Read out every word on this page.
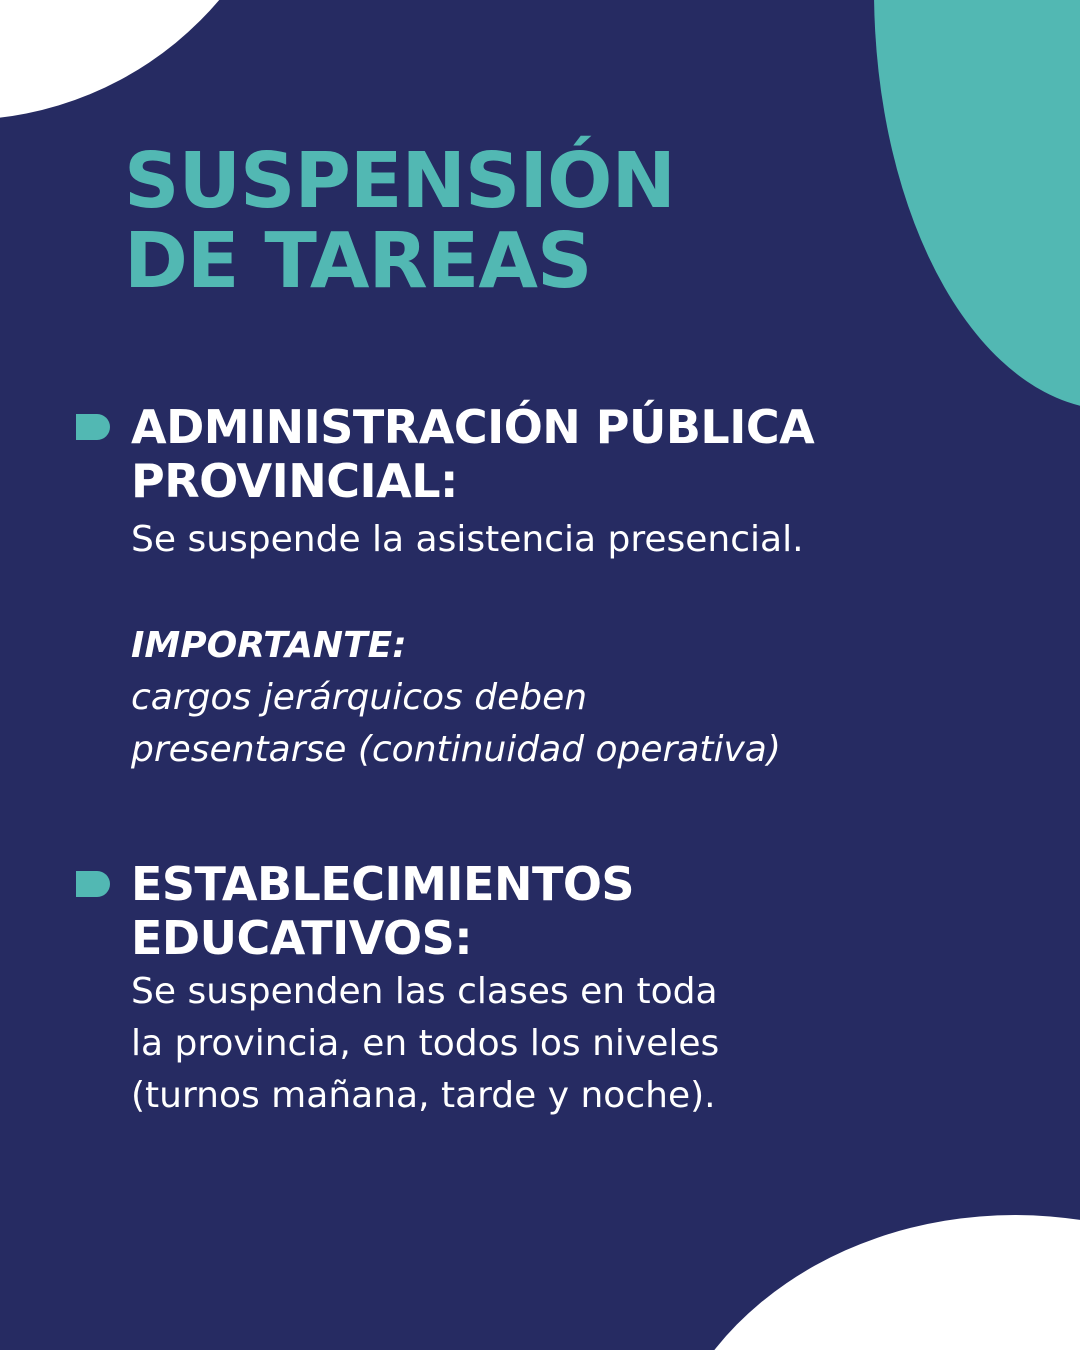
SUSPENSIÓN
DE TAREAS
ADMINISTRACIÓN PÚBLICA
PROVINCIAL:

Se suspende la asistencia presencial.

IMPORTANTE:

cargos jerárquicos deben
presentarse (continuidad operativa)

ESTABLECIMIENTOS
EDUCATIVOS:

Se suspenden las clases en toda
la provincia, en todos los niveles
(turnos mañana, tarde y noche).
